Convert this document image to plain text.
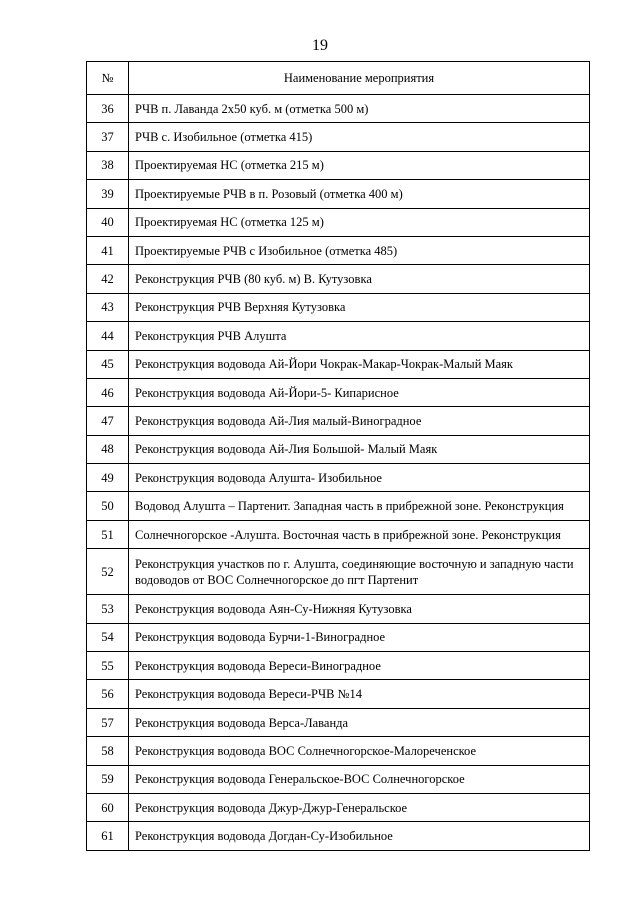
19
№	Наименование мероприятия
36	РЧВ п. Лаванда 2x50 куб. м (отметка 500 м)
37	РЧВ с. Изобильное (отметка 415)
38	Проектируемая НС (отметка 215 м)
39	Проектируемые РЧВ в п. Розовый (отметка 400 м)
40	Проектируемая НС (отметка 125 м)
41	Проектируемые РЧВ с Изобильное (отметка 485)
42	Реконструкция РЧВ (80 куб. м) В. Кутузовка
43	Реконструкция РЧВ Верхняя Кутузовка
44	Реконструкция РЧВ Алушта
45	Реконструкция водовода Ай-Йори Чокрак-Макар-Чокрак-Малый Маяк
46	Реконструкция водовода Ай-Йори-5- Кипарисное
47	Реконструкция водовода Ай-Лия малый-Виноградное
48	Реконструкция водовода Ай-Лия Большой- Малый Маяк
49	Реконструкция водовода Алушта- Изобильное
50	Водовод Алушта – Партенит. Западная часть в прибрежной зоне. Реконструкция
51	Солнечногорское -Алушта. Восточная часть в прибрежной зоне. Реконструкция
52	Реконструкция участков по г. Алушта, соединяющие восточную и западную части водоводов от ВОС Солнечногорское до пгт Партенит
53	Реконструкция водовода Аян-Су-Нижняя Кутузовка
54	Реконструкция водовода Бурчи-1-Виноградное
55	Реконструкция водовода Вереси-Виноградное
56	Реконструкция водовода Вереси-РЧВ №14
57	Реконструкция водовода Верса-Лаванда
58	Реконструкция водовода ВОС Солнечногорское-Малореченское
59	Реконструкция водовода Генеральское-ВОС Солнечногорское
60	Реконструкция водовода Джур-Джур-Генеральское
61	Реконструкция водовода Догдан-Су-Изобильное
